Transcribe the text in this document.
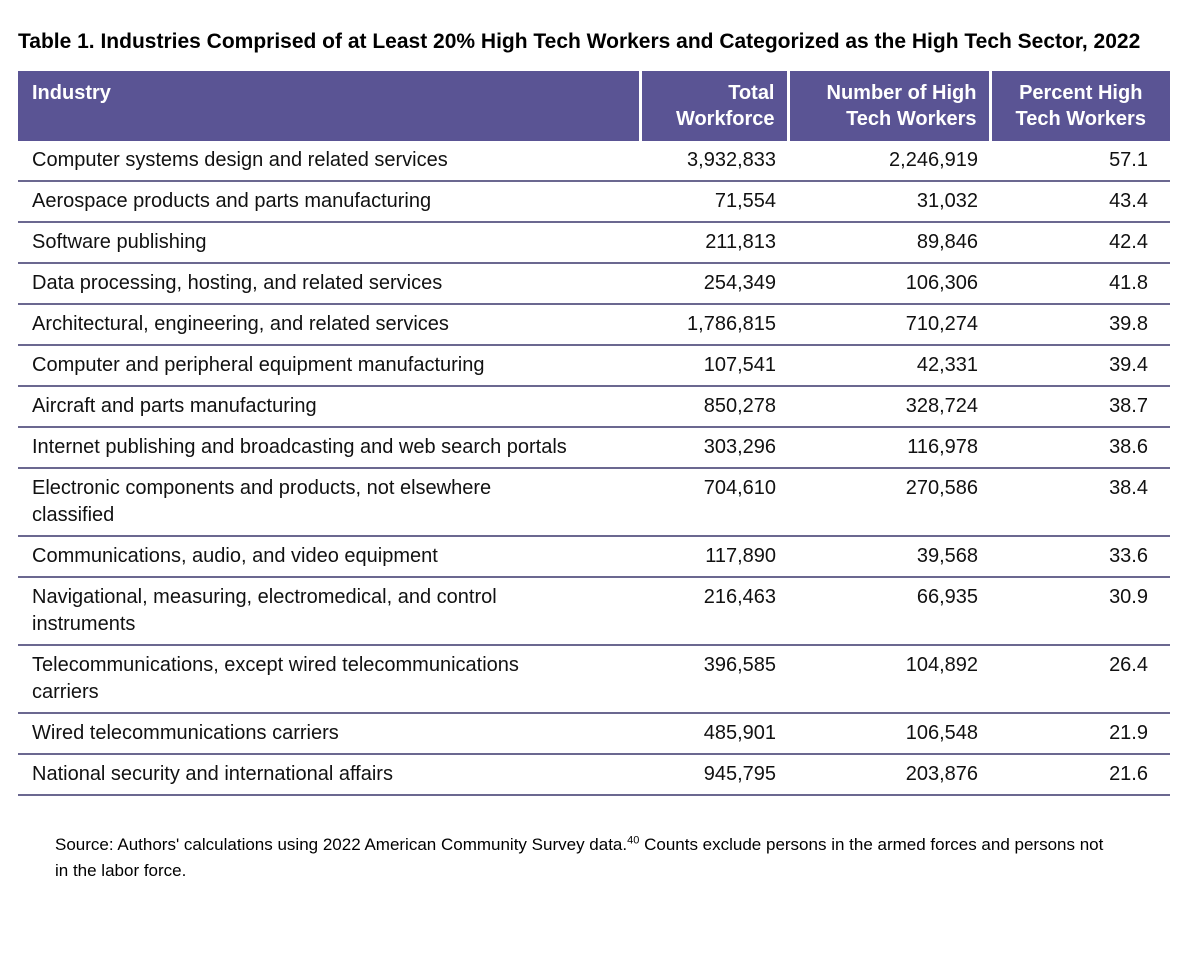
Table 1. Industries Comprised of at Least 20% High Tech Workers and Categorized as the High Tech Sector, 2022
Industry	Total Workforce	Number of High Tech Workers	Percent High Tech Workers
Computer systems design and related services	3,932,833	2,246,919	57.1
Aerospace products and parts manufacturing	71,554	31,032	43.4
Software publishing	211,813	89,846	42.4
Data processing, hosting, and related services	254,349	106,306	41.8
Architectural, engineering, and related services	1,786,815	710,274	39.8
Computer and peripheral equipment manufacturing	107,541	42,331	39.4
Aircraft and parts manufacturing	850,278	328,724	38.7
Internet publishing and broadcasting and web search portals	303,296	116,978	38.6
Electronic components and products, not elsewhere classified	704,610	270,586	38.4
Communications, audio, and video equipment	117,890	39,568	33.6
Navigational, measuring, electromedical, and control instruments	216,463	66,935	30.9
Telecommunications, except wired telecommunications carriers	396,585	104,892	26.4
Wired telecommunications carriers	485,901	106,548	21.9
National security and international affairs	945,795	203,876	21.6

Source: Authors' calculations using 2022 American Community Survey data.$^{40}$ Counts exclude persons in the armed forces and persons not in the labor force.
